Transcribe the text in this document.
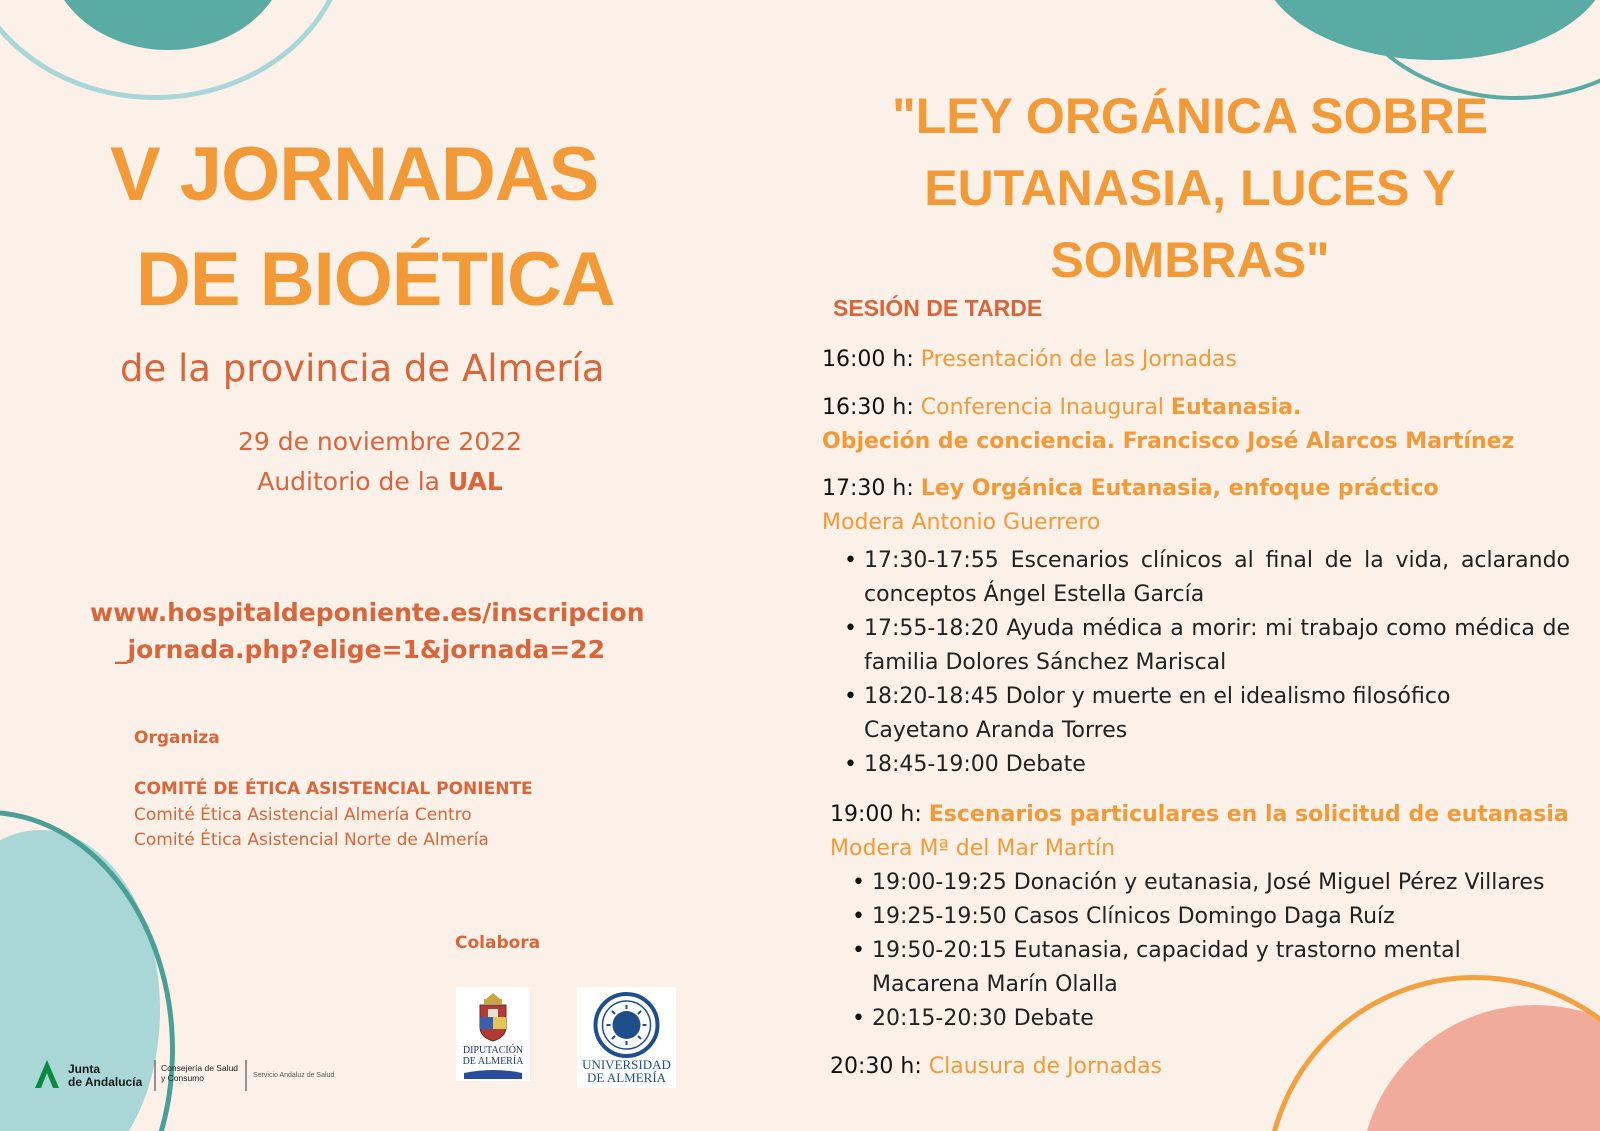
V JORNADAS
DE BIOÉTICA
de la provincia de Almería
29 de noviembre 2022
Auditorio de la UAL
www.hospitaldeponiente.es/inscripcion
_jornada.php?elige=1&jornada=22
Organiza
COMITÉ DE ÉTICA ASISTENCIAL PONIENTE
Comité Ética Asistencial Almería Centro
Comité Ética Asistencial Norte de Almería
Colabora
DIPUTACIÓN
DE ALMERÍA	UNIVERSIDAD
DE ALMERÍA
Junta
de Andalucía
Consejería de Salud
y Consumo	Servicio Andaluz de Salud
"LEY ORGÁNICA SOBRE
EUTANASIA, LUCES Y
SOMBRAS"
SESIÓN DE TARDE
16:00 h: Presentación de las Jornadas
16:30 h: Conferencia Inaugural Eutanasia.
Objeción de conciencia. Francisco José Alarcos Martínez
17:30 h: Ley Orgánica Eutanasia, enfoque práctico
Modera Antonio Guerrero
• 17:30-17:55 Escenarios clínicos al final de la vida, aclarando conceptos Ángel Estella García
• 17:55-18:20 Ayuda médica a morir: mi trabajo como médica de familia Dolores Sánchez Mariscal
• 18:20-18:45 Dolor y muerte en el idealismo filosófico
Cayetano Aranda Torres
• 18:45-19:00 Debate
19:00 h: Escenarios particulares en la solicitud de eutanasia
Modera Mª del Mar Martín
• 19:00-19:25 Donación y eutanasia, José Miguel Pérez Villares
• 19:25-19:50 Casos Clínicos Domingo Daga Ruíz
• 19:50-20:15 Eutanasia, capacidad y trastorno mental
Macarena Marín Olalla
• 20:15-20:30 Debate
20:30 h: Clausura de Jornadas
